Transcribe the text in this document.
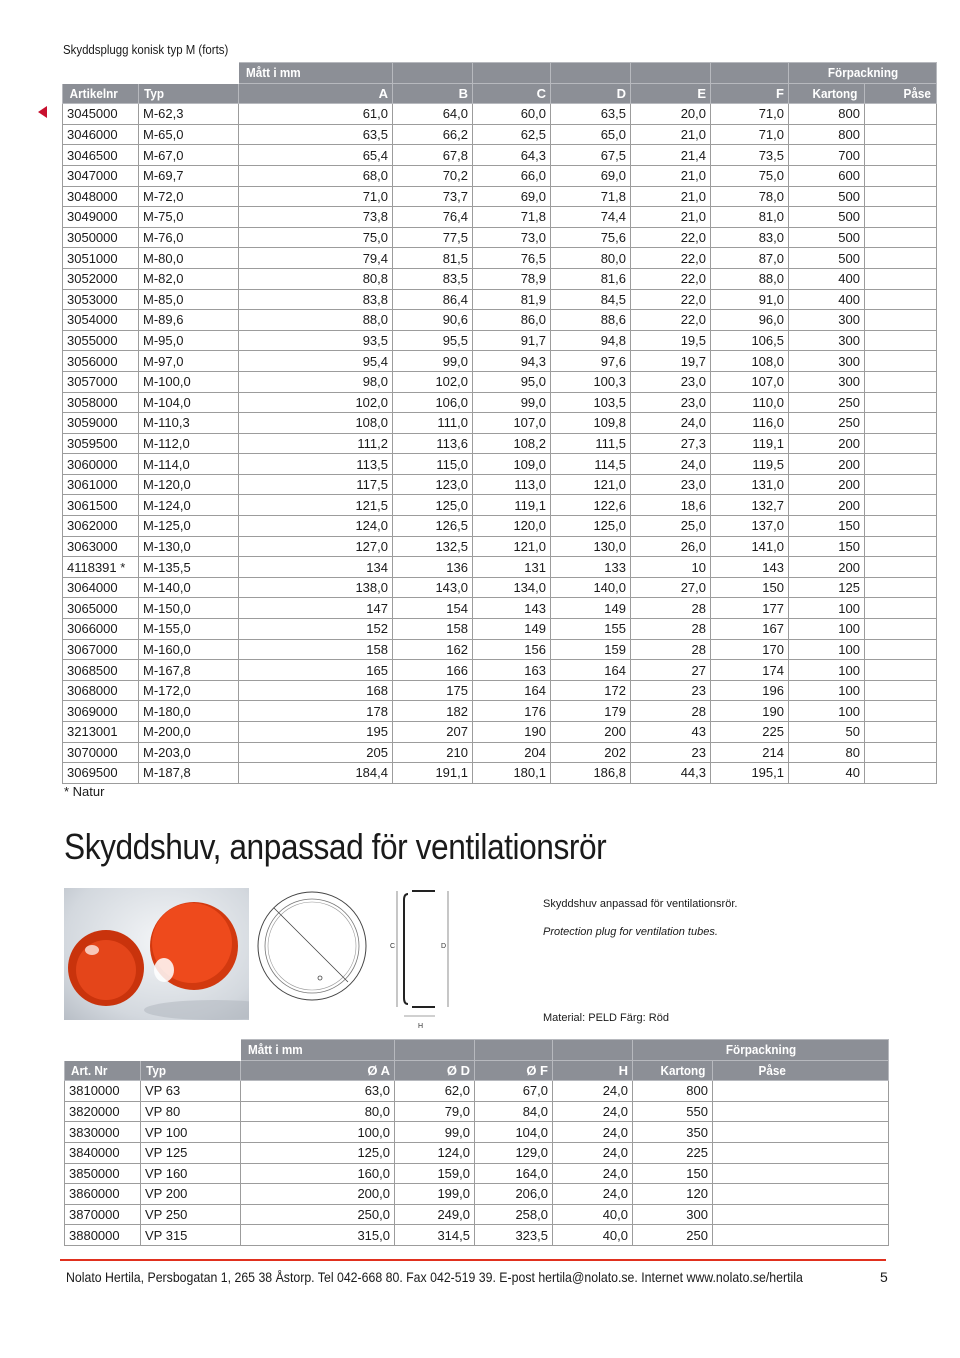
Skyddsplugg konisk typ M (forts)
		Mått i mm						Förpackning	
Artikelnr	Typ	A	B	C	D	E	F	Kartong	Påse
3045000	M-62,3	61,0	64,0	60,0	63,5	20,0	71,0	800	
3046000	M-65,0	63,5	66,2	62,5	65,0	21,0	71,0	800	
3046500	M-67,0	65,4	67,8	64,3	67,5	21,4	73,5	700	
3047000	M-69,7	68,0	70,2	66,0	69,0	21,0	75,0	600	
3048000	M-72,0	71,0	73,7	69,0	71,8	21,0	78,0	500	
3049000	M-75,0	73,8	76,4	71,8	74,4	21,0	81,0	500	
3050000	M-76,0	75,0	77,5	73,0	75,6	22,0	83,0	500	
3051000	M-80,0	79,4	81,5	76,5	80,0	22,0	87,0	500	
3052000	M-82,0	80,8	83,5	78,9	81,6	22,0	88,0	400	
3053000	M-85,0	83,8	86,4	81,9	84,5	22,0	91,0	400	
3054000	M-89,6	88,0	90,6	86,0	88,6	22,0	96,0	300	
3055000	M-95,0	93,5	95,5	91,7	94,8	19,5	106,5	300	
3056000	M-97,0	95,4	99,0	94,3	97,6	19,7	108,0	300	
3057000	M-100,0	98,0	102,0	95,0	100,3	23,0	107,0	300	
3058000	M-104,0	102,0	106,0	99,0	103,5	23,0	110,0	250	
3059000	M-110,3	108,0	111,0	107,0	109,8	24,0	116,0	250	
3059500	M-112,0	111,2	113,6	108,2	111,5	27,3	119,1	200	
3060000	M-114,0	113,5	115,0	109,0	114,5	24,0	119,5	200	
3061000	M-120,0	117,5	123,0	113,0	121,0	23,0	131,0	200	
3061500	M-124,0	121,5	125,0	119,1	122,6	18,6	132,7	200	
3062000	M-125,0	124,0	126,5	120,0	125,0	25,0	137,0	150	
3063000	M-130,0	127,0	132,5	121,0	130,0	26,0	141,0	150	
4118391 *	M-135,5	134	136	131	133	10	143	200	
3064000	M-140,0	138,0	143,0	134,0	140,0	27,0	150	125	
3065000	M-150,0	147	154	143	149	28	177	100	
3066000	M-155,0	152	158	149	155	28	167	100	
3067000	M-160,0	158	162	156	159	28	170	100	
3068500	M-167,8	165	166	163	164	27	174	100	
3068000	M-172,0	168	175	164	172	23	196	100	
3069000	M-180,0	178	182	176	179	28	190	100	
3213001	M-200,0	195	207	190	200	43	225	50	
3070000	M-203,0	205	210	204	202	23	214	80	
3069500	M-187,8	184,4	191,1	180,1	186,8	44,3	195,1	40	
* Natur
Skyddshuv, anpassad för ventilationsrör
H
C	D
Skyddshuv anpassad för ventilationsrör.
Protection plug for ventilation tubes.
Material: PELD Färg: Röd
		Mått i mm				Förpackning	
Art. Nr	Typ	Ø A	Ø D	Ø F	H	Kartong	Påse
3810000	VP 63	63,0	62,0	67,0	24,0	800	
3820000	VP 80	80,0	79,0	84,0	24,0	550	
3830000	VP 100	100,0	99,0	104,0	24,0	350	
3840000	VP 125	125,0	124,0	129,0	24,0	225	
3850000	VP 160	160,0	159,0	164,0	24,0	150	
3860000	VP 200	200,0	199,0	206,0	24,0	120	
3870000	VP 250	250,0	249,0	258,0	40,0	300	
3880000	VP 315	315,0	314,5	323,5	40,0	250	
Nolato Hertila, Persbogatan 1, 265 38 Åstorp. Tel 042-668 80. Fax 042-519 39. E-post hertila@nolato.se. Internet www.nolato.se/hertila	5
